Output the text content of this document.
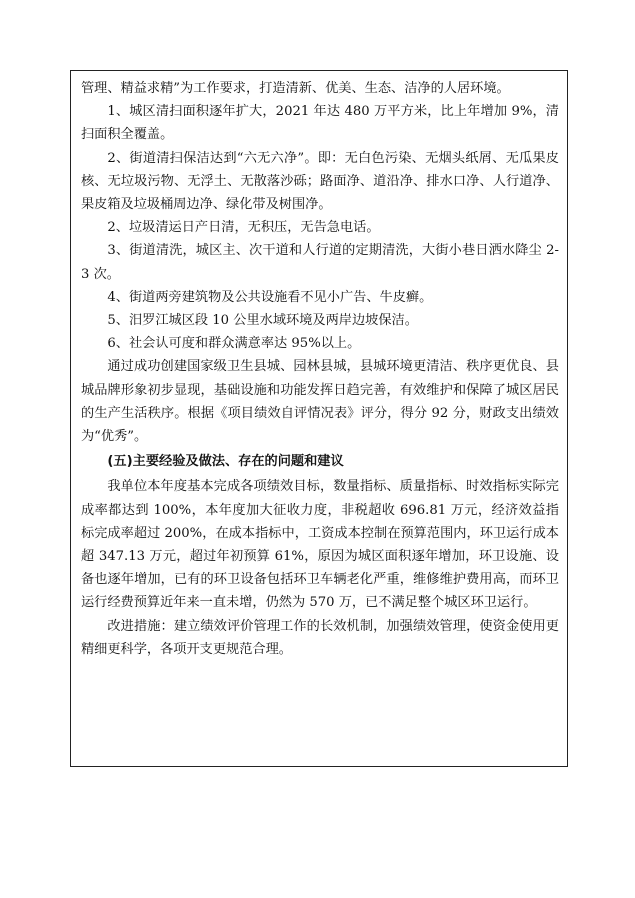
管理、精益求精”为工作要求，打造清新、优美、生态、洁净的人居环境。

1、城区清扫面积逐年扩大，2021 年达 480 万平方米，比上年增加 9%，清扫面积全覆盖。

2、街道清扫保洁达到“六无六净”。即：无白色污染、无烟头纸屑、无瓜果皮核、无垃圾污物、无浮土、无散落沙砾；路面净、道沿净、排水口净、人行道净、果皮箱及垃圾桶周边净、绿化带及树围净。

2、垃圾清运日产日清，无积压，无告急电话。

3、街道清洗，城区主、次干道和人行道的定期清洗，大街小巷日洒水降尘 2-3 次。

4、街道两旁建筑物及公共设施看不见小广告、牛皮癣。

5、汨罗江城区段 10 公里水域环境及两岸边坡保洁。

6、社会认可度和群众满意率达 95%以上。

通过成功创建国家级卫生县城、园林县城，县城环境更清洁、秩序更优良、县城品牌形象初步显现，基础设施和功能发挥日趋完善，有效维护和保障了城区居民的生产生活秩序。根据《项目绩效自评情况表》评分，得分 92 分，财政支出绩效为“优秀”。

(五)主要经验及做法、存在的问题和建议

我单位本年度基本完成各项绩效目标，数量指标、质量指标、时效指标实际完成率都达到 100%，本年度加大征收力度，非税超收 696.81 万元，经济效益指标完成率超过 200%，在成本指标中，工资成本控制在预算范围内，环卫运行成本超 347.13 万元，超过年初预算 61%，原因为城区面积逐年增加，环卫设施、设备也逐年增加，已有的环卫设备包括环卫车辆老化严重，维修维护费用高，而环卫运行经费预算近年来一直未增，仍然为 570 万，已不满足整个城区环卫运行。

改进措施：建立绩效评价管理工作的长效机制，加强绩效管理，使资金使用更精细更科学，各项开支更规范合理。
